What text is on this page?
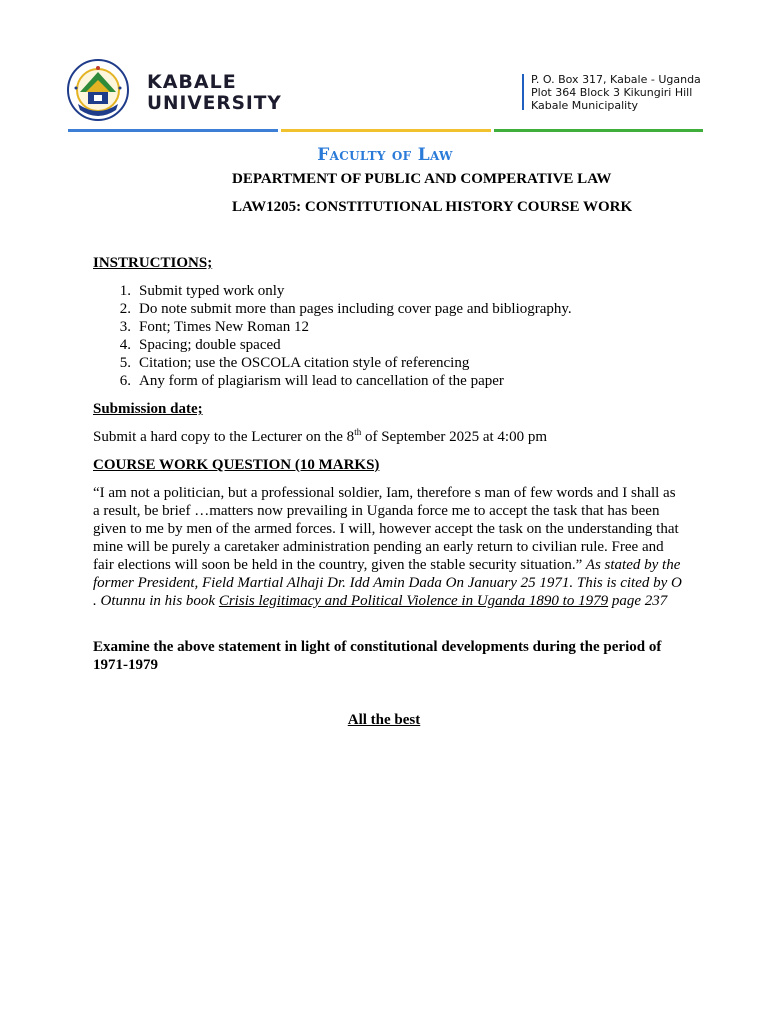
KABALE
UNIVERSITY
P. O. Box 317, Kabale - Uganda
Plot 364 Block 3 Kikungiri Hill
Kabale Municipality
Faculty of Law
DEPARTMENT OF PUBLIC AND COMPERATIVE LAW
LAW1205: CONSTITUTIONAL HISTORY COURSE WORK
INSTRUCTIONS;
1. Submit typed work only
2. Do note submit more than pages including cover page and bibliography.
3. Font; Times New Roman 12
4. Spacing; double spaced
5. Citation; use the OSCOLA citation style of referencing
6. Any form of plagiarism will lead to cancellation of the paper
Submission date;
Submit a hard copy to the Lecturer on the 8th of September 2025 at 4:00 pm
COURSE WORK QUESTION (10 MARKS)
“I am not a politician, but a professional soldier, Iam, therefore s man of few words and I shall as a result, be brief …matters now prevailing in Uganda force me to accept the task that has been given to me by men of the armed forces. I will, however accept the task on the understanding that mine will be purely a caretaker administration pending an early return to civilian rule. Free and fair elections will soon be held in the country, given the stable security situation.” As stated by the former President, Field Martial Alhaji Dr. Idd Amin Dada On January 25 1971. This is cited by O . Otunnu in his book Crisis legitimacy and Political Violence in Uganda 1890 to 1979 page 237
Examine the above statement in light of constitutional developments during the period of 1971-1979
All the best
